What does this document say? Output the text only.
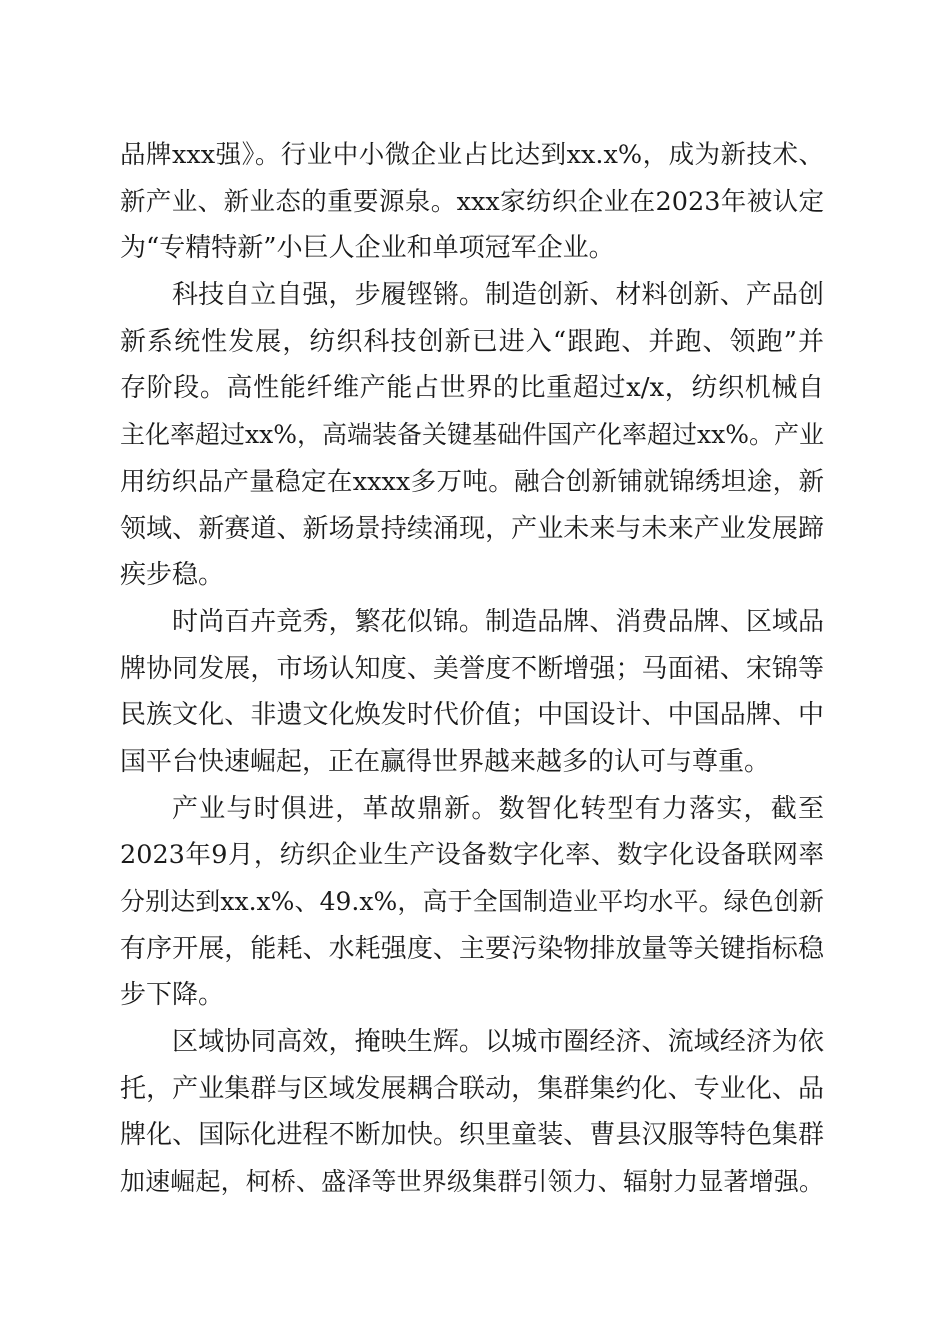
品牌xxx强》。行业中小微企业占比达到xx.x%，成为新技术、
新产业、新业态的重要源泉。xxx家纺织企业在2023年被认定
为“专精特新”小巨人企业和单项冠军企业。
科技自立自强，步履铿锵。制造创新、材料创新、产品创
新系统性发展，纺织科技创新已进入“跟跑、并跑、领跑”并
存阶段。高性能纤维产能占世界的比重超过x/x，纺织机械自
主化率超过xx%，高端装备关键基础件国产化率超过xx%。产业
用纺织品产量稳定在xxxx多万吨。融合创新铺就锦绣坦途，新
领域、新赛道、新场景持续涌现，产业未来与未来产业发展蹄
疾步稳。
时尚百卉竞秀，繁花似锦。制造品牌、消费品牌、区域品
牌协同发展，市场认知度、美誉度不断增强；马面裙、宋锦等
民族文化、非遗文化焕发时代价值；中国设计、中国品牌、中
国平台快速崛起，正在赢得世界越来越多的认可与尊重。
产业与时俱进，革故鼎新。数智化转型有力落实，截至
2023年9月，纺织企业生产设备数字化率、数字化设备联网率
分别达到xx.x%、49.x%，高于全国制造业平均水平。绿色创新
有序开展，能耗、水耗强度、主要污染物排放量等关键指标稳
步下降。
区域协同高效，掩映生辉。以城市圈经济、流域经济为依
托，产业集群与区域发展耦合联动，集群集约化、专业化、品
牌化、国际化进程不断加快。织里童装、曹县汉服等特色集群
加速崛起，柯桥、盛泽等世界级集群引领力、辐射力显著增强。
